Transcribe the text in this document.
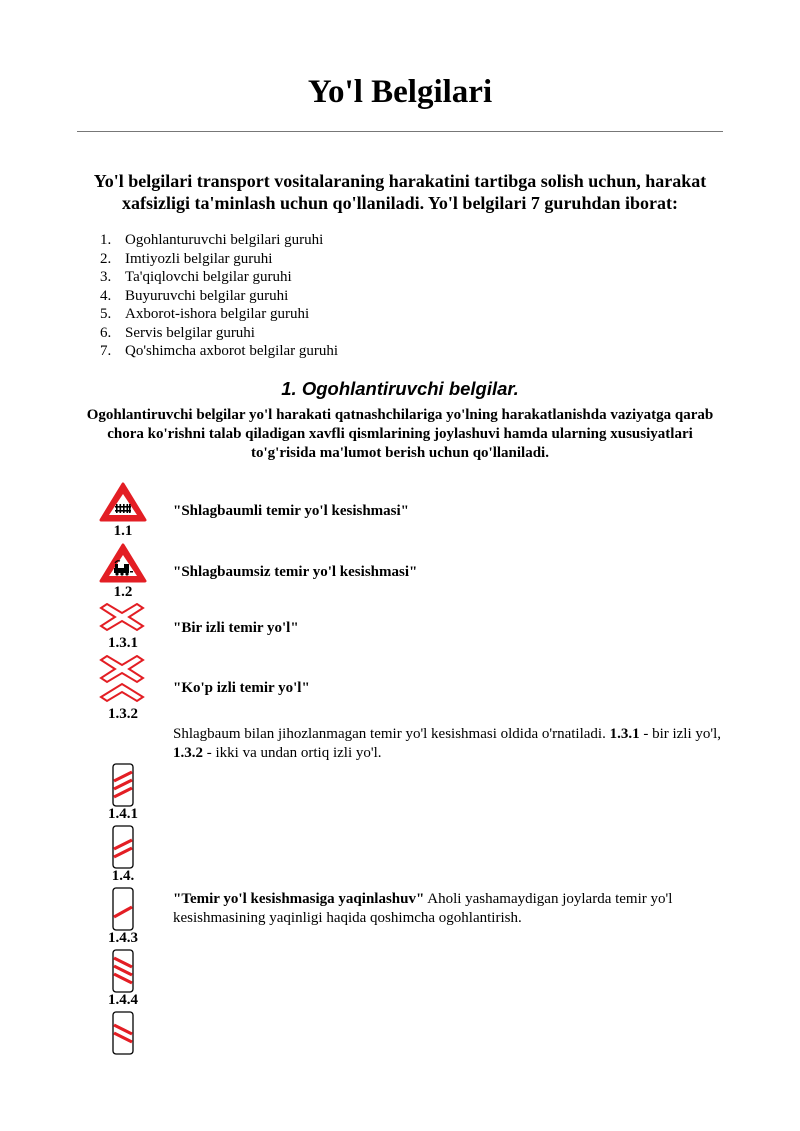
Yo'l Belgilari

Yo'l belgilari transport vositalaraning harakatini tartibga solish uchun, harakat xafsizligi ta'minlash uchun qo'llaniladi. Yo'l belgilari 7 guruhdan iborat:

1. Ogohlanturuvchi belgilari guruhi
2. Imtiyozli belgilar guruhi
3. Ta'qiqlovchi belgilar guruhi
4. Buyuruvchi belgilar guruhi
5. Axborot-ishora belgilar guruhi
6. Servis belgilar guruhi
7. Qo'shimcha axborot belgilar guruhi
1. Ogohlantiruvchi belgilar.

Ogohlantiruvchi belgilar yo'l harakati qatnashchilariga yo'lning harakatlanishda vaziyatga qarab chora ko'rishni talab qiladigan xavfli qismlarining joylashuvi hamda ularning xususiyatlari to'g'risida ma'lumot berish uchun qo'llaniladi.

1.1
"Shlagbaumli temir yo'l kesishmasi"
1.2
"Shlagbaumsiz temir yo'l kesishmasi"
1.3.1
"Bir izli temir yo'l"
1.3.2
"Ko'p izli temir yo'l"

Shlagbaum bilan jihozlanmagan temir yo'l kesishmasi oldida o'rnatiladi. 1.3.1 - bir izli yo'l, 1.3.2 - ikki va undan ortiq izli yo'l.

1.4.1
1.4.
1.4.3
"Temir yo'l kesishmasiga yaqinlashuv" Aholi yashamaydigan joylarda temir yo'l kesishmasining yaqinligi haqida qoshimcha ogohlantirish.
1.4.4
